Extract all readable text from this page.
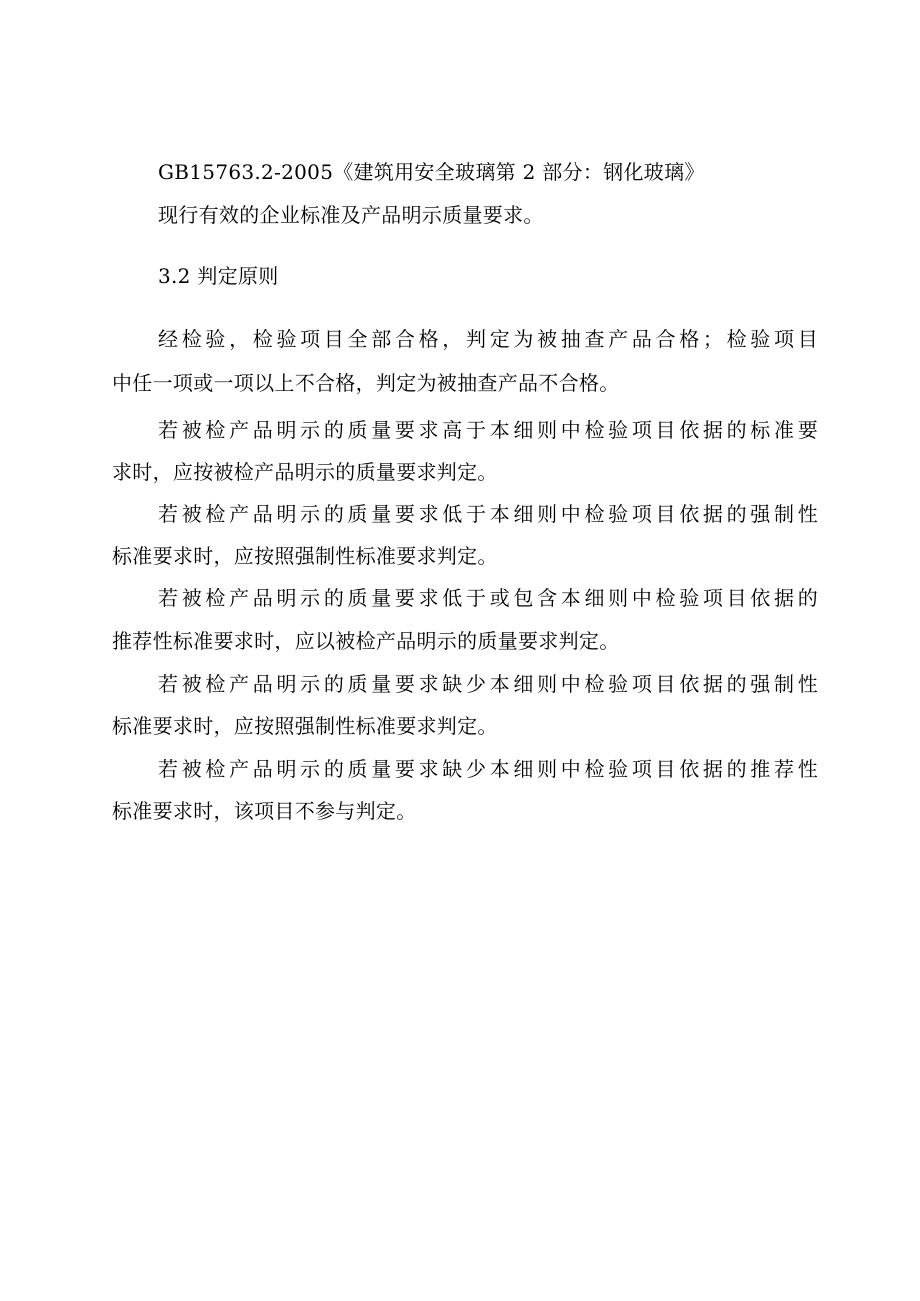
GB15763.2-2005《建筑用安全玻璃第 2 部分：钢化玻璃》
现行有效的企业标准及产品明示质量要求。
3.2 判定原则
经检验，检验项目全部合格，判定为被抽查产品合格；检验项目
中任一项或一项以上不合格，判定为被抽查产品不合格。
若被检产品明示的质量要求高于本细则中检验项目依据的标准要
求时，应按被检产品明示的质量要求判定。
若被检产品明示的质量要求低于本细则中检验项目依据的强制性
标准要求时，应按照强制性标准要求判定。
若被检产品明示的质量要求低于或包含本细则中检验项目依据的
推荐性标准要求时，应以被检产品明示的质量要求判定。
若被检产品明示的质量要求缺少本细则中检验项目依据的强制性
标准要求时，应按照强制性标准要求判定。
若被检产品明示的质量要求缺少本细则中检验项目依据的推荐性
标准要求时，该项目不参与判定。
